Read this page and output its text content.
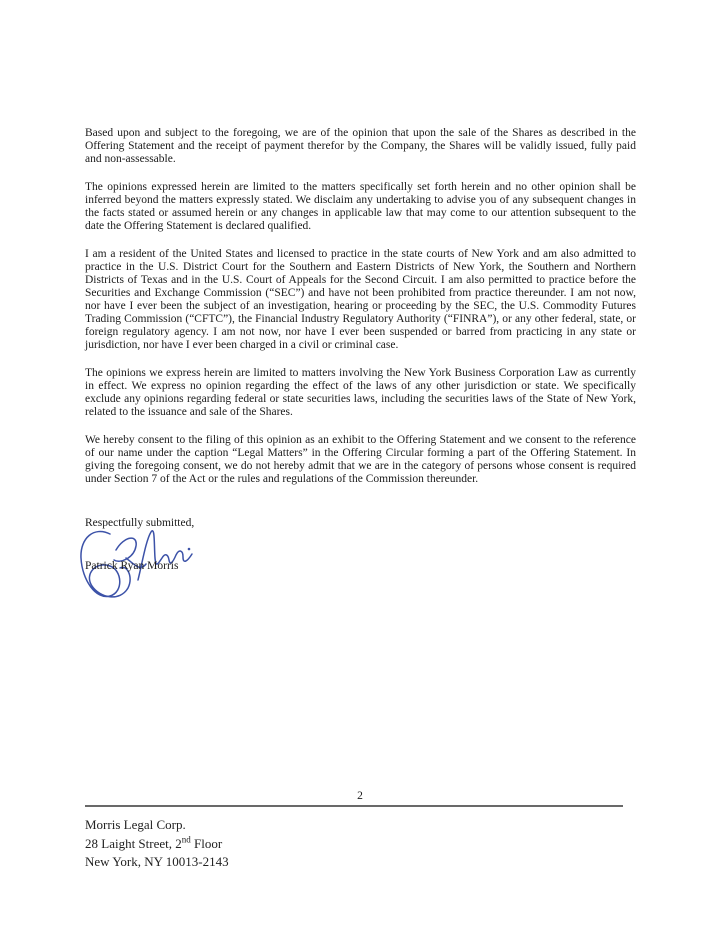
Based upon and subject to the foregoing, we are of the opinion that upon the sale of the Shares as described in the Offering Statement and the receipt of payment therefor by the Company, the Shares will be validly issued, fully paid and non-assessable.

The opinions expressed herein are limited to the matters specifically set forth herein and no other opinion shall be inferred beyond the matters expressly stated. We disclaim any undertaking to advise you of any subsequent changes in the facts stated or assumed herein or any changes in applicable law that may come to our attention subsequent to the date the Offering Statement is declared qualified.

I am a resident of the United States and licensed to practice in the state courts of New York and am also admitted to practice in the U.S. District Court for the Southern and Eastern Districts of New York, the Southern and Northern Districts of Texas and in the U.S. Court of Appeals for the Second Circuit. I am also permitted to practice before the Securities and Exchange Commission (“SEC”) and have not been prohibited from practice thereunder. I am not now, nor have I ever been the subject of an investigation, hearing or proceeding by the SEC, the U.S. Commodity Futures Trading Commission (“CFTC”), the Financial Industry Regulatory Authority (“FINRA”), or any other federal, state, or foreign regulatory agency. I am not now, nor have I ever been suspended or barred from practicing in any state or jurisdiction, nor have I ever been charged in a civil or criminal case.

The opinions we express herein are limited to matters involving the New York Business Corporation Law as currently in effect. We express no opinion regarding the effect of the laws of any other jurisdiction or state. We specifically exclude any opinions regarding federal or state securities laws, including the securities laws of the State of New York, related to the issuance and sale of the Shares.

We hereby consent to the filing of this opinion as an exhibit to the Offering Statement and we consent to the reference of our name under the caption “Legal Matters” in the Offering Circular forming a part of the Offering Statement. In giving the foregoing consent, we do not hereby admit that we are in the category of persons whose consent is required under Section 7 of the Act or the rules and regulations of the Commission thereunder.

Respectfully submitted,
Patrick Ryan Morris
2
Morris Legal Corp.
28 Laight Street, 2nd Floor
New York, NY 10013-2143
